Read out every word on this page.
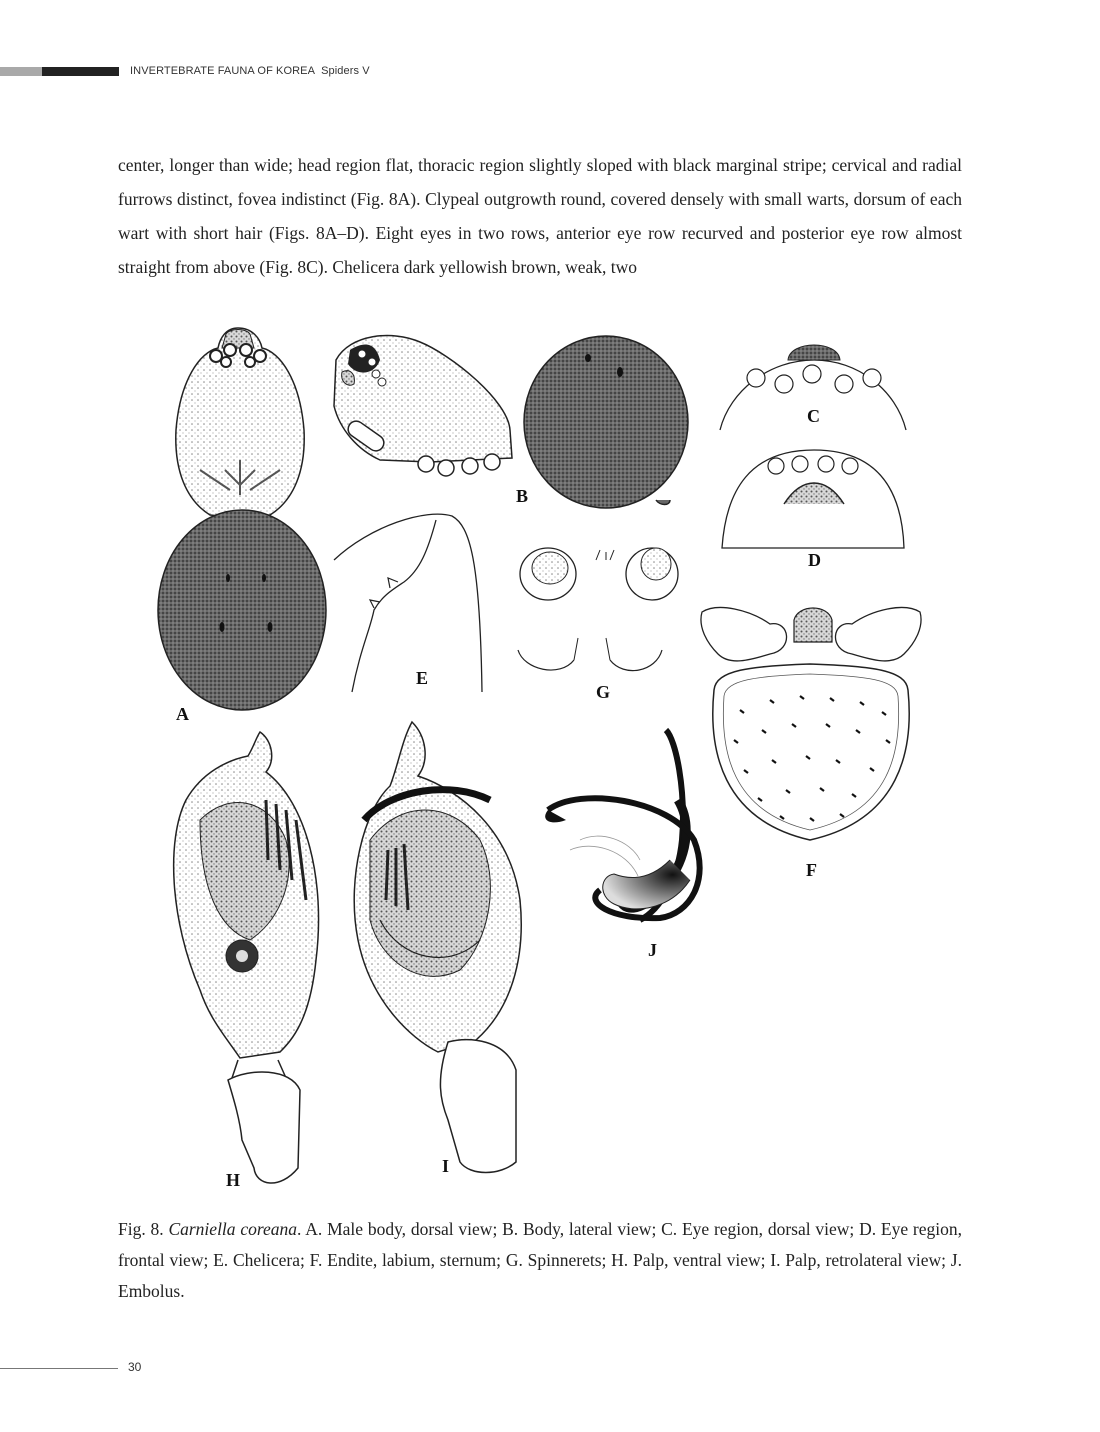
INVERTEBRATE FAUNA OF KOREA Spiders V

center, longer than wide; head region flat, thoracic region slightly sloped with black marginal stripe; cervical and radial furrows distinct, fovea indistinct (Fig. 8A). Clypeal outgrowth round, covered densely with small warts, dorsum of each wart with short hair (Figs. 8A–D). Eight eyes in two rows, anterior eye row recurved and posterior eye row almost straight from above (Fig. 8C). Chelicera dark yellowish brown, weak, two

A
B
C
D
E
G
F
H
I
J

Fig. 8. Carniella coreana. A. Male body, dorsal view; B. Body, lateral view; C. Eye region, dorsal view; D. Eye region, frontal view; E. Chelicera; F. Endite, labium, sternum; G. Spinnerets; H. Palp, ventral view; I. Palp, retrolateral view; J. Embolus.

30
